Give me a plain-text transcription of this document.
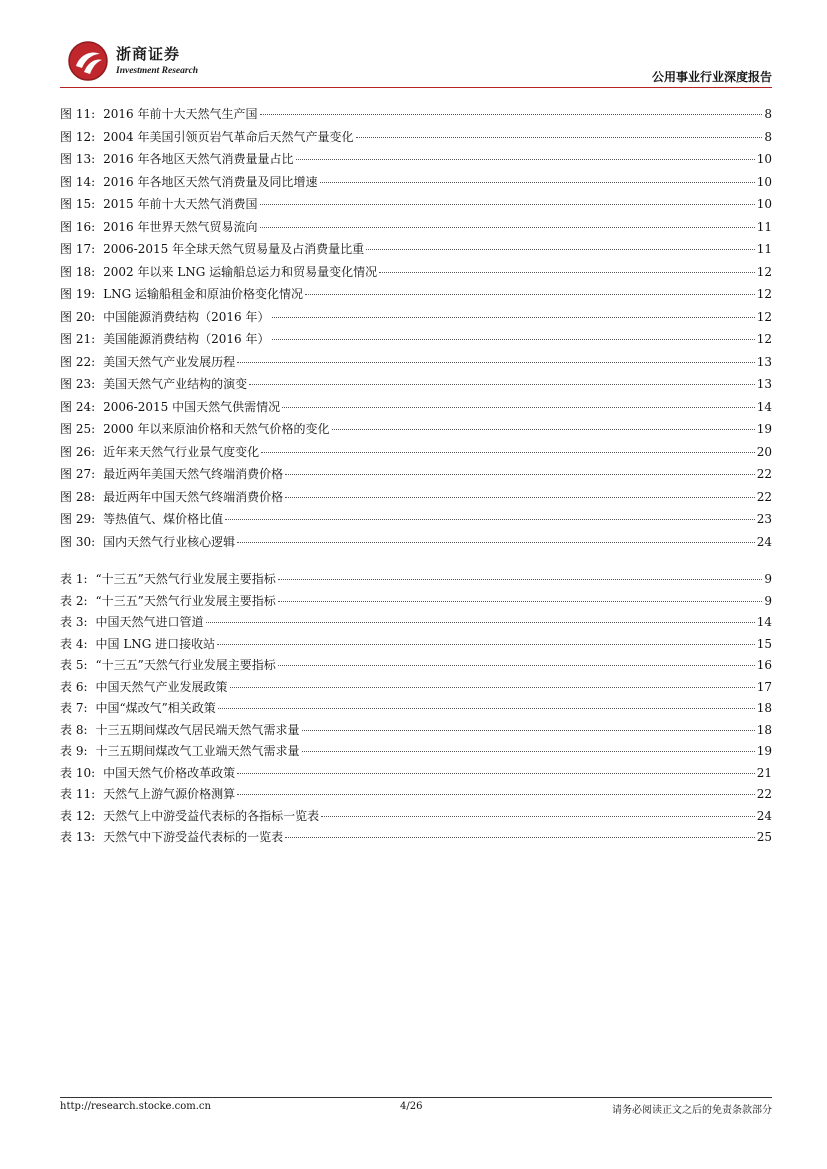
浙商证券
Investment Research	公用事业行业深度报告
图 11: 2016 年前十大天然气生产国	8
图 12: 2004 年美国引领页岩气革命后天然气产量变化	8
图 13: 2016 年各地区天然气消费量量占比	10
图 14: 2016 年各地区天然气消费量及同比增速	10
图 15: 2015 年前十大天然气消费国	10
图 16: 2016 年世界天然气贸易流向	11
图 17: 2006-2015 年全球天然气贸易量及占消费量比重	11
图 18: 2002 年以来 LNG 运输船总运力和贸易量变化情况	12
图 19: LNG 运输船租金和原油价格变化情况	12
图 20: 中国能源消费结构（2016 年）	12
图 21: 美国能源消费结构（2016 年）	12
图 22: 美国天然气产业发展历程	13
图 23: 美国天然气产业结构的演变	13
图 24: 2006-2015 中国天然气供需情况	14
图 25: 2000 年以来原油价格和天然气价格的变化	19
图 26: 近年来天然气行业景气度变化	20
图 27: 最近两年美国天然气终端消费价格	22
图 28: 最近两年中国天然气终端消费价格	22
图 29: 等热值气、煤价格比值	23
图 30: 国内天然气行业核心逻辑	24
表 1: “十三五”天然气行业发展主要指标	9
表 2: “十三五”天然气行业发展主要指标	9
表 3: 中国天然气进口管道	14
表 4: 中国 LNG 进口接收站	15
表 5: “十三五”天然气行业发展主要指标	16
表 6: 中国天然气产业发展政策	17
表 7: 中国“煤改气”相关政策	18
表 8: 十三五期间煤改气居民端天然气需求量	18
表 9: 十三五期间煤改气工业端天然气需求量	19
表 10: 中国天然气价格改革政策	21
表 11: 天然气上游气源价格测算	22
表 12: 天然气上中游受益代表标的各指标一览表	24
表 13: 天然气中下游受益代表标的一览表	25
http://research.stocke.com.cn	4/26	请务必阅读正文之后的免责条款部分
